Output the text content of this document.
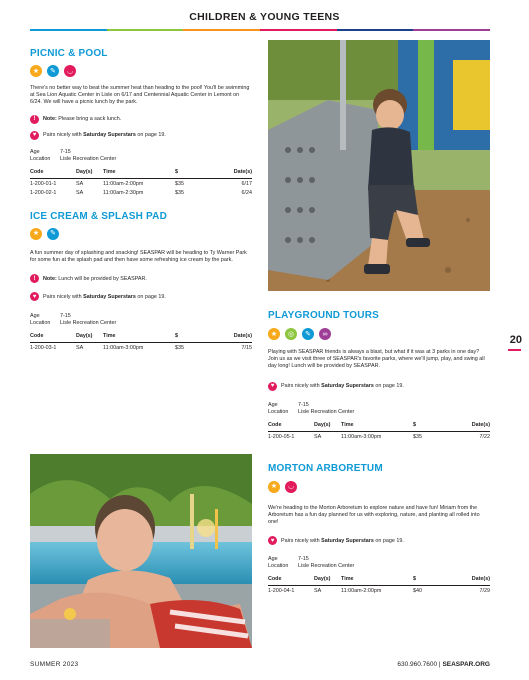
CHILDREN & YOUNG TEENS
PICNIC & POOL
★	✎	◡
There's no better way to beat the summer heat than heading to the pool! You'll be swimming at Sea Lion Aquatic Center in Lisle on 6/17 and Centennial Aquatic Center in Lemont on 6/24. We will have a picnic lunch by the park.
!	Note: Please bring a sack lunch.
♥	Pairs nicely with Saturday Superstars on page 19.
Age	7-15
Location	Lisle Recreation Center
Code	Day(s)	Time	$	Date(s)
1-200-01-1	SA	11:00am-2:00pm	$35	6/17
1-200-02-1	SA	11:00am-2:30pm	$35	6/24
ICE CREAM & SPLASH PAD
★	✎
A fun summer day of splashing and snacking! SEASPAR will be heading to Ty Warner Park for some fun at the splash pad and then have some refreshing ice cream by the park.
!	Note: Lunch will be provided by SEASPAR.
♥	Pairs nicely with Saturday Superstars on page 19.
Age	7-15
Location	Lisle Recreation Center
Code	Day(s)	Time	$	Date(s)
1-200-03-1	SA	11:00am-3:00pm	$35	7/15
PLAYGROUND TOURS
★	◎	✎	∞
Playing with SEASPAR friends is always a blast, but what if it was at 3 parks in one day? Join us as we visit three of SEASPAR's favorite parks, where we'll jump, play, and swing all day long! Lunch will be provided by SEASPAR.
♥	Pairs nicely with Saturday Superstars on page 19.
Age	7-15
Location	Lisle Recreation Center
Code	Day(s)	Time	$	Date(s)
1-200-05-1	SA	11:00am-3:00pm	$35	7/22
MORTON ARBORETUM
★	◡
We're heading to the Morton Arboretum to explore nature and have fun! Miriam from the Arboretum has a fun day planned for us with exploring, nature, and planting all rolled into one!
♥	Pairs nicely with Saturday Superstars on page 19.
Age	7-15
Location	Lisle Recreation Center
Code	Day(s)	Time	$	Date(s)
1-200-04-1	SA	11:00am-2:00pm	$40	7/29
20
SUMMER 2023	630.960.7600 | SEASPAR.ORG
